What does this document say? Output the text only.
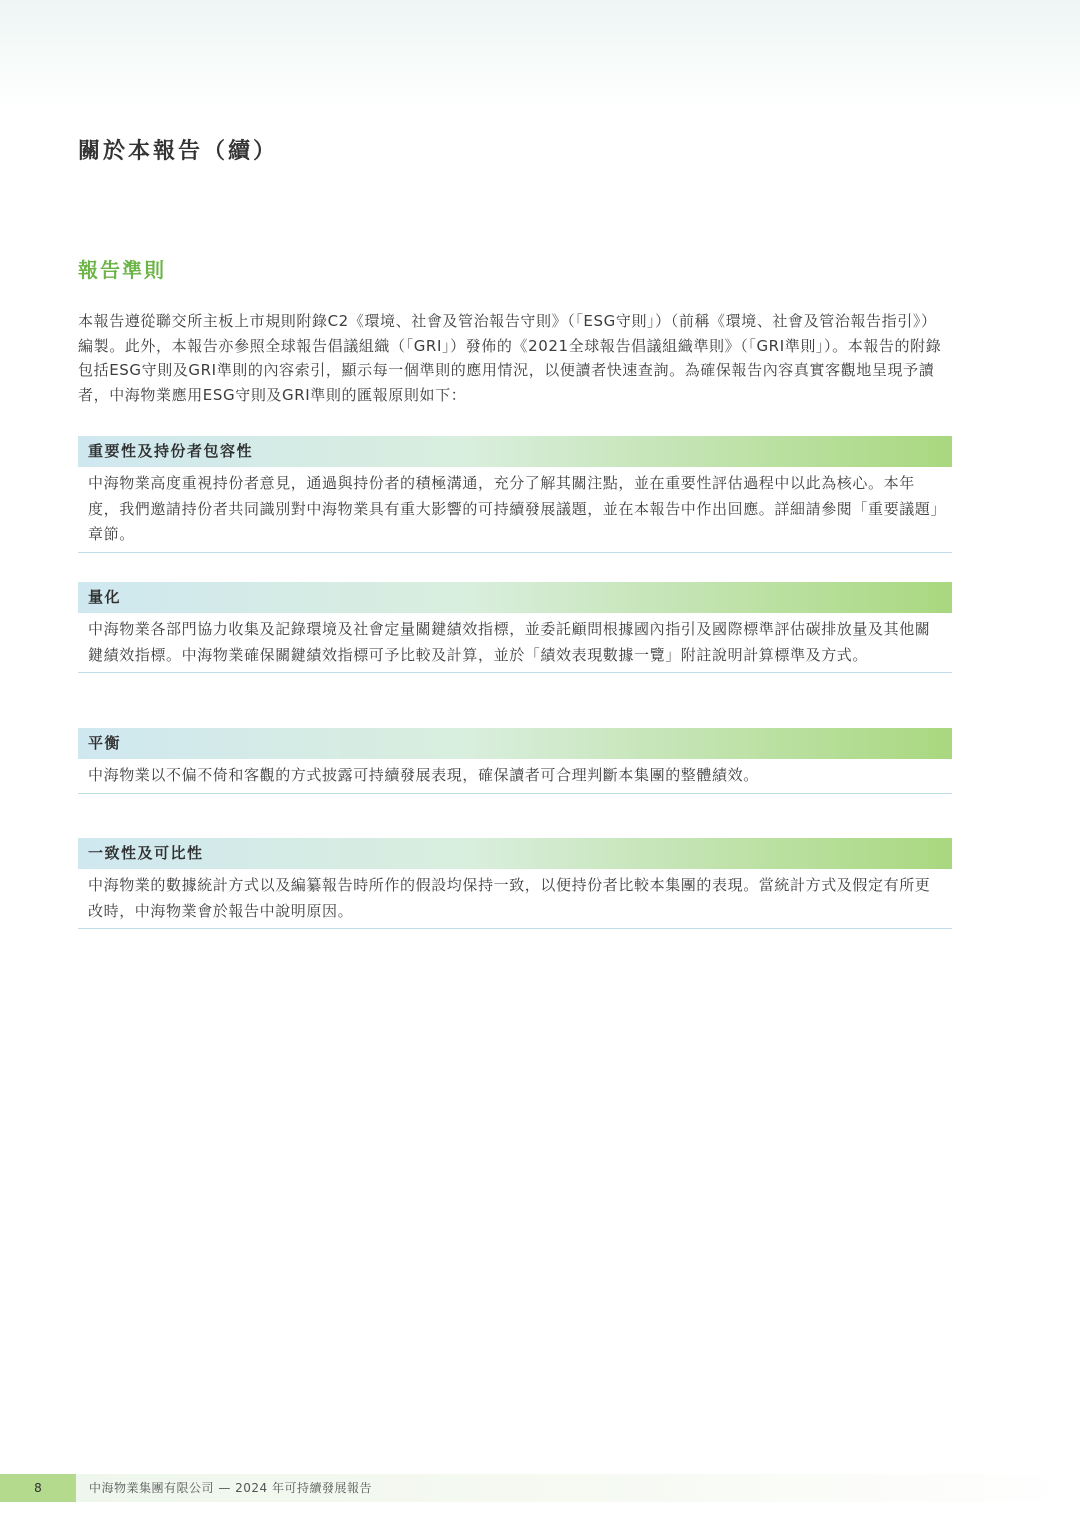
關於本報告（續）
報告準則
本報告遵從聯交所主板上市規則附錄C2《環境、社會及管治報告守則》（「ESG守則」）（前稱《環境、社會及管治報告指引》）編製。此外，本報告亦參照全球報告倡議組織（「GRI」）發佈的《2021全球報告倡議組織準則》（「GRI準則」）。本報告的附錄包括ESG守則及GRI準則的內容索引，顯示每一個準則的應用情況，以便讀者快速查詢。為確保報告內容真實客觀地呈現予讀者，中海物業應用ESG守則及GRI準則的匯報原則如下：
重要性及持份者包容性
中海物業高度重視持份者意見，通過與持份者的積極溝通，充分了解其關注點，並在重要性評估過程中以此為核心。本年度，我們邀請持份者共同識別對中海物業具有重大影響的可持續發展議題，並在本報告中作出回應。詳細請參閱「重要議題」章節。
量化
中海物業各部門協力收集及記錄環境及社會定量關鍵績效指標，並委託顧問根據國內指引及國際標準評估碳排放量及其他關鍵績效指標。中海物業確保關鍵績效指標可予比較及計算，並於「績效表現數據一覽」附註說明計算標準及方式。
平衡
中海物業以不偏不倚和客觀的方式披露可持續發展表現，確保讀者可合理判斷本集團的整體績效。
一致性及可比性
中海物業的數據統計方式以及編纂報告時所作的假設均保持一致，以便持份者比較本集團的表現。當統計方式及假定有所更改時，中海物業會於報告中說明原因。
8	中海物業集團有限公司 — 2024 年可持續發展報告
